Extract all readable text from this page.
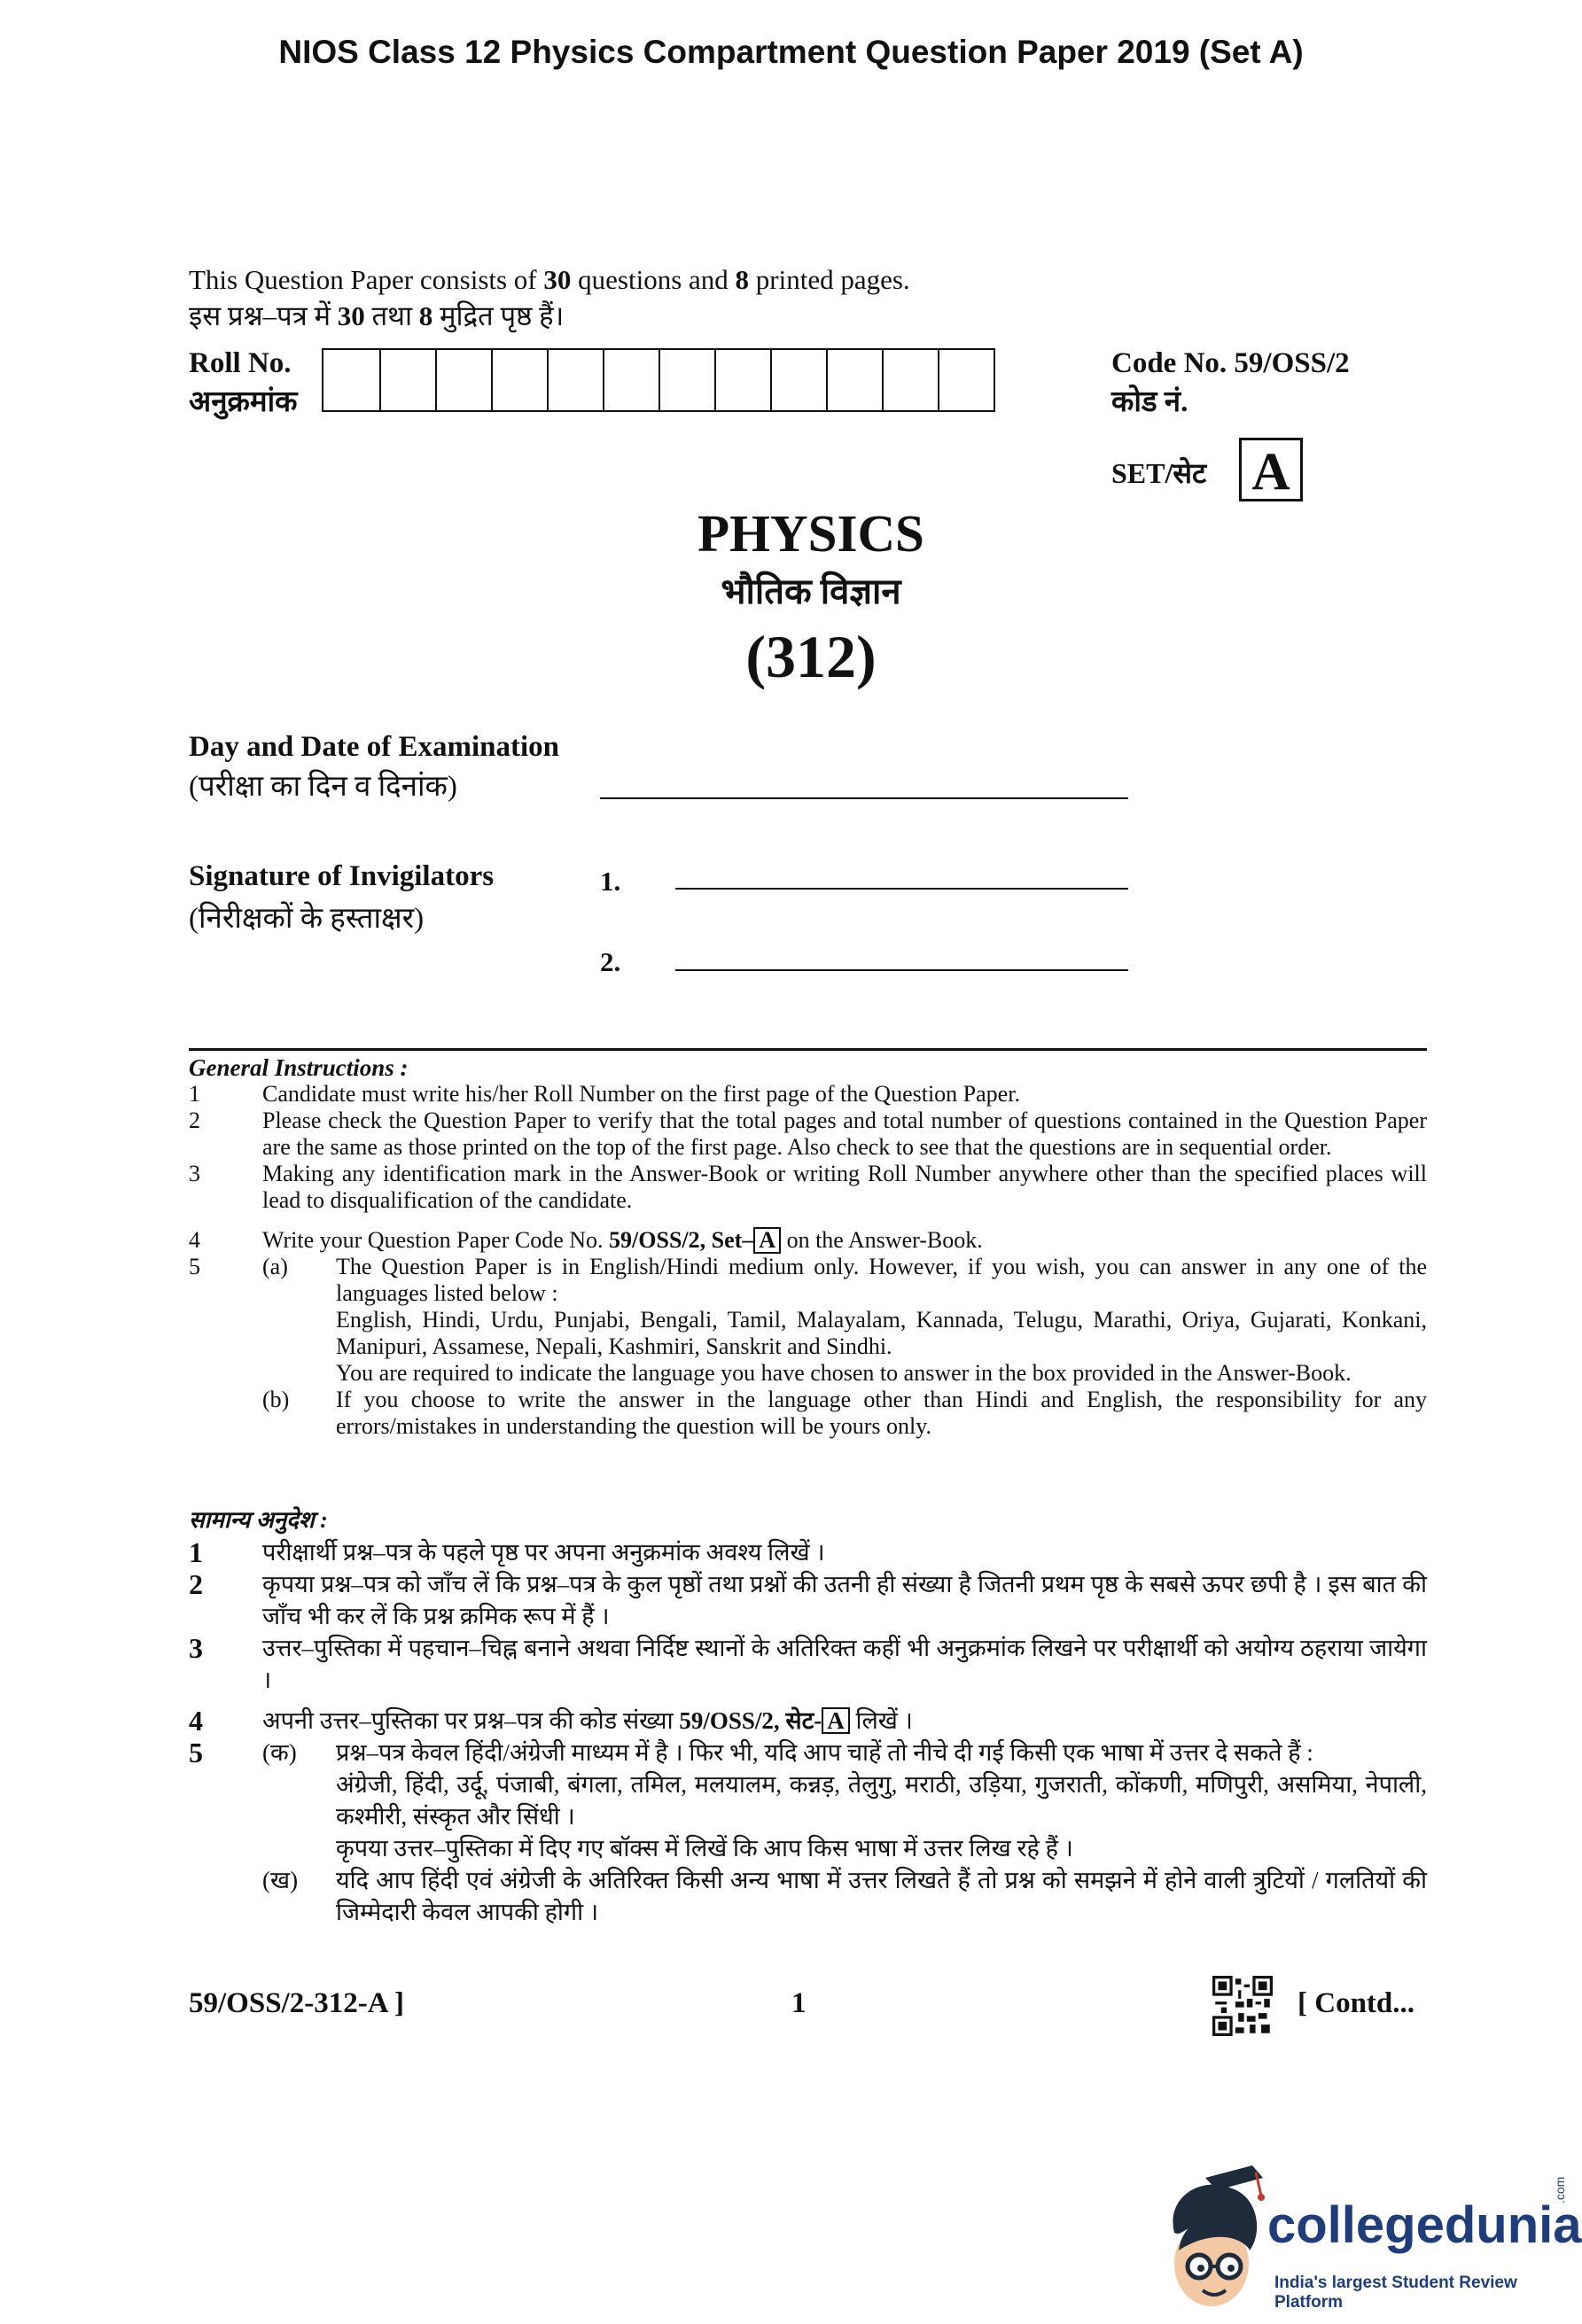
NIOS Class 12 Physics Compartment Question Paper 2019 (Set A)
This Question Paper consists of 30 questions and 8 printed pages.
इस प्रश्न–पत्र में 30 तथा 8 मुद्रित पृष्ठ हैं।
Roll No.
अनुक्रमांक
Code No. 59/OSS/2
कोड नं.
SET/सेट A
PHYSICS
भौतिक विज्ञान
(312)
Day and Date of Examination
(परीक्षा का दिन व दिनांक)
Signature of Invigilators
(निरीक्षकों के हस्ताक्षर)
1.
2.
General Instructions :
1	Candidate must write his/her Roll Number on the first page of the Question Paper.
2	Please check the Question Paper to verify that the total pages and total number of questions contained in the Question Paper are the same as those printed on the top of the first page. Also check to see that the questions are in sequential order.
3	Making any identification mark in the Answer-Book or writing Roll Number anywhere other than the specified places will lead to disqualification of the candidate.
4	Write your Question Paper Code No. 59/OSS/2, Set– A on the Answer-Book.
5	(a)	The Question Paper is in English/Hindi medium only. However, if you wish, you can answer in any one of the languages listed below :
English, Hindi, Urdu, Punjabi, Bengali, Tamil, Malayalam, Kannada, Telugu, Marathi, Oriya, Gujarati, Konkani, Manipuri, Assamese, Nepali, Kashmiri, Sanskrit and Sindhi.
You are required to indicate the language you have chosen to answer in the box provided in the Answer-Book.
(b)	If you choose to write the answer in the language other than Hindi and English, the responsibility for any errors/mistakes in understanding the question will be yours only.
सामान्य अनुदेश :
1	परीक्षार्थी प्रश्न–पत्र के पहले पृष्ठ पर अपना अनुक्रमांक अवश्य लिखें ।
2	कृपया प्रश्न–पत्र को जाँच लें कि प्रश्न–पत्र के कुल पृष्ठों तथा प्रश्नों की उतनी ही संख्या है जितनी प्रथम पृष्ठ के सबसे ऊपर छपी है । इस बात की जाँच भी कर लें कि प्रश्न क्रमिक रूप में हैं ।
3	उत्तर–पुस्तिका में पहचान–चिह्न बनाने अथवा निर्दिष्ट स्थानों के अतिरिक्त कहीं भी अनुक्रमांक लिखने पर परीक्षार्थी को अयोग्य ठहराया जायेगा ।
4	अपनी उत्तर–पुस्तिका पर प्रश्न–पत्र की कोड संख्या 59/OSS/2, सेट- A लिखें ।
5	(क)	प्रश्न–पत्र केवल हिंदी/अंग्रेजी माध्यम में है । फिर भी, यदि आप चाहें तो नीचे दी गई किसी एक भाषा में उत्तर दे सकते हैं :
अंग्रेजी, हिंदी, उर्दू, पंजाबी, बंगला, तमिल, मलयालम, कन्नड़, तेलुगु, मराठी, उड़िया, गुजराती, कोंकणी, मणिपुरी, असमिया, नेपाली, कश्मीरी, संस्कृत और सिंधी ।
कृपया उत्तर–पुस्तिका में दिए गए बॉक्स में लिखें कि आप किस भाषा में उत्तर लिख रहे हैं ।
(ख)	यदि आप हिंदी एवं अंग्रेजी के अतिरिक्त किसी अन्य भाषा में उत्तर लिखते हैं तो प्रश्न को समझने में होने वाली त्रुटियों / गलतियों की जिम्मेदारी केवल आपकी होगी ।
59/OSS/2-312-A ]	1	[ Contd...
collegedunia
.com
India's largest Student Review Platform
